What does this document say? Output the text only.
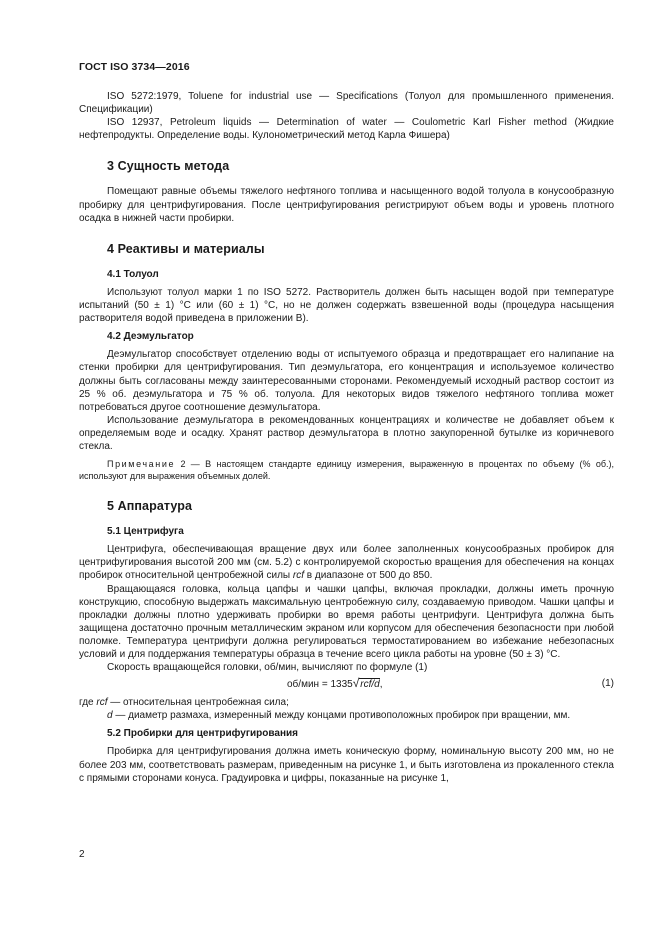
ГОСТ ISO 3734—2016

ISO 5272:1979, Toluene for industrial use — Specifications (Толуол для промышленного применения. Спецификации)

ISO 12937, Petroleum liquids — Determination of water — Coulometric Karl Fisher method (Жидкие нефтепродукты. Определение воды. Кулонометрический метод Карла Фишера)

3 Сущность метода

Помещают равные объемы тяжелого нефтяного топлива и насыщенного водой толуола в конусообразную пробирку для центрифугирования. После центрифугирования регистрируют объем воды и уровень плотного осадка в нижней части пробирки.

4 Реактивы и материалы
4.1 Толуол

Используют толуол марки 1 по ISO 5272. Растворитель должен быть насыщен водой при температуре испытаний (50 ± 1) °С или (60 ± 1) °С, но не должен содержать взвешенной воды (процедура насыщения растворителя водой приведена в приложении В).

4.2 Деэмульгатор

Деэмульгатор способствует отделению воды от испытуемого образца и предотвращает его налипание на стенки пробирки для центрифугирования. Тип деэмульгатора, его концентрация и используемое количество должны быть согласованы между заинтересованными сторонами. Рекомендуемый исходный раствор состоит из 25 % об. деэмульгатора и 75 % об. толуола. Для некоторых видов тяжелого нефтяного топлива может потребоваться другое соотношение деэмульгатора.

Использование деэмульгатора в рекомендованных концентрациях и количестве не добавляет объем к определяемым воде и осадку. Хранят раствор деэмульгатора в плотно закупоренной бутылке из коричневого стекла.

Примечание 2 — В настоящем стандарте единицу измерения, выраженную в процентах по объему (% об.), используют для выражения объемных долей.

5 Аппаратура
5.1 Центрифуга

Центрифуга, обеспечивающая вращение двух или более заполненных конусообразных пробирок для центрифугирования высотой 200 мм (см. 5.2) с контролируемой скоростью вращения для обеспечения на концах пробирок относительной центробежной силы rcf в диапазоне от 500 до 850.

Вращающаяся головка, кольца цапфы и чашки цапфы, включая прокладки, должны иметь прочную конструкцию, способную выдержать максимальную центробежную силу, создаваемую приводом. Чашки цапфы и прокладки должны плотно удерживать пробирки во время работы центрифуги. Центрифуга должна быть защищена достаточно прочным металлическим экраном или корпусом для обеспечения безопасности при любой поломке. Температура центрифуги должна регулироваться термостатированием во избежание небезопасных условий и для поддержания температуры образца в течение всего цикла работы на уровне (50 ± 3) °С.

Скорость вращающейся головки, об/мин, вычисляют по формуле (1)

об/мин = 1335√rcf/d,	(1)

где rcf — относительная центробежная сила;

d — диаметр размаха, измеренный между концами противоположных пробирок при вращении, мм.

5.2 Пробирки для центрифугирования

Пробирка для центрифугирования должна иметь коническую форму, номинальную высоту 200 мм, но не более 203 мм, соответствовать размерам, приведенным на рисунке 1, и быть изготовлена из прокаленного стекла с прямыми сторонами конуса. Градуировка и цифры, показанные на рисунке 1,

2
